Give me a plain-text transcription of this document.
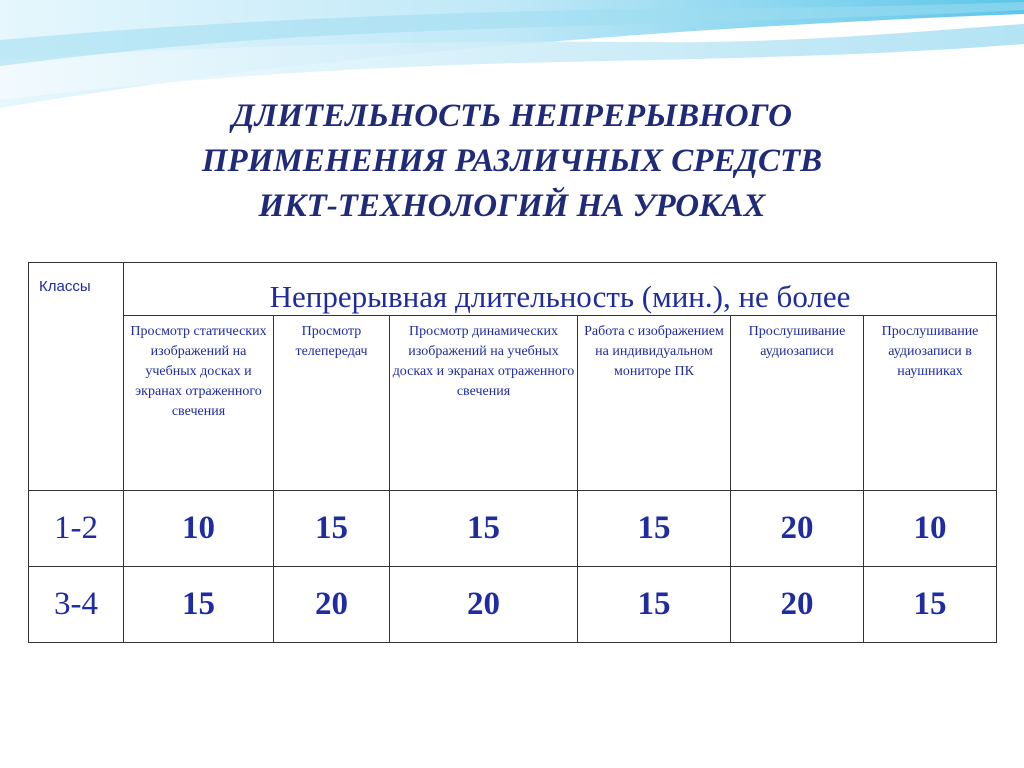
ДЛИТЕЛЬНОСТЬ НЕПРЕРЫВНОГО
ПРИМЕНЕНИЯ РАЗЛИЧНЫХ СРЕДСТВ
ИКТ-ТЕХНОЛОГИЙ НА УРОКАХ
Классы	Непрерывная длительность (мин.), не более					
	Просмотр статических изображений на учебных досках и экранах отраженного свечения	Просмотр телепередач	Просмотр динамических изображений на учебных досках и экранах отраженного свечения	Работа с изображением на индивидуальном мониторе ПК	Прослушивание аудиозаписи	Прослушивание аудиозаписи в наушниках
1-2	10	15	15	15	20	10
3-4	15	20	20	15	20	15
